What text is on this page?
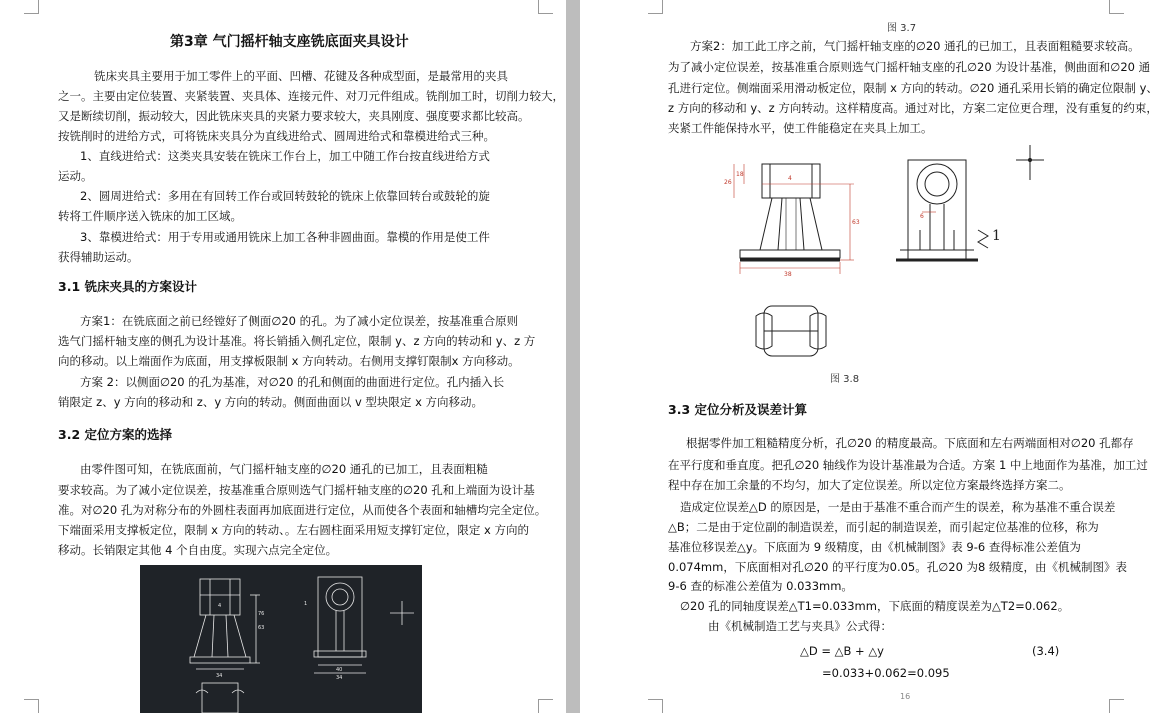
第3章 气门摇杆轴支座铣底面夹具设计
铣床夹具主要用于加工零件上的平面、凹槽、花键及各种成型面，是最常用的夹具
之一。主要由定位装置、夹紧装置、夹具体、连接元件、对刀元件组成。铣削加工时，切削力较大，
又是断续切削，振动较大，因此铣床夹具的夹紧力要求较大，夹具刚度、强度要求都比较高。
按铣削时的进给方式，可将铣床夹具分为直线进给式、圆周进给式和靠模进给式三种。
1、直线进给式：这类夹具安装在铣床工作台上，加工中随工作台按直线进给方式
运动。
2、圆周进给式：多用在有回转工作台或回转鼓轮的铣床上依靠回转台或鼓轮的旋
转将工件顺序送入铣床的加工区域。
3、靠模进给式：用于专用或通用铣床上加工各种非圆曲面。靠模的作用是使工件
获得辅助运动。
3.1 铣床夹具的方案设计
方案1：在铣底面之前已经镗好了侧面∅20 的孔。为了减小定位误差，按基准重合原则
选气门摇杆轴支座的侧孔为设计基准。将长销插入侧孔定位，限制 y、z 方向的转动和 y、z 方
向的移动。以上端面作为底面，用支撑板限制 x 方向转动。右侧用支撑钉限制x 方向移动。
方案 2：以侧面∅20 的孔为基准，对∅20 的孔和侧面的曲面进行定位。孔内插入长
销限定 z、y 方向的移动和 z、y 方向的转动。侧面曲面以 v 型块限定 x 方向移动。
3.2 定位方案的选择
由零件图可知，在铣底面前，气门摇杆轴支座的∅20 通孔的已加工，且表面粗糙
要求较高。为了减小定位误差，按基准重合原则选气门摇杆轴支座的∅20 孔和上端面为设计基
准。对∅20 孔为对称分布的外圆柱表面再加底面进行定位，从而使各个表面和轴槽均完全定位。
下端面采用支撑板定位，限制 x 方向的转动、。左右圆柱面采用短支撑钉定位，限定 x 方向的
移动。长销限定其他 4 个自由度。实现六点完全定位。
4
76
63
34
40
1
34
图 3.7
方案2：加工此工序之前，气门摇杆轴支座的∅20 通孔的已加工，且表面粗糙要求较高。
为了减小定位误差，按基准重合原则选气门摇杆轴支座的孔∅20 为设计基准，侧曲面和∅20 通
孔进行定位。侧端面采用滑动板定位，限制 x 方向的转动。∅20 通孔采用长销的确定位限制 y、
z 方向的移动和 y、z 方向转动。这样精度高。通过对比，方案二定位更合理，没有重复的约束，
夹紧工件能保持水平，使工件能稳定在夹具上加工。
26
18
4
63
38
6
1
图 3.8
3.3 定位分析及误差计算
根据零件加工粗糙精度分析，孔∅20 的精度最高。下底面和左右两端面相对∅20 孔都存
在平行度和垂直度。把孔∅20 轴线作为设计基准最为合适。方案 1 中上地面作为基准，加工过
程中存在加工余量的不均匀，加大了定位误差。所以定位方案最终选择方案二。
造成定位误差△D 的原因是，一是由于基准不重合而产生的误差，称为基准不重合误差
△B；二是由于定位副的制造误差，而引起的制造误差，而引起定位基准的位移，称为
基准位移误差△y。下底面为 9 级精度，由《机械制图》表 9-6 查得标准公差值为
0.074mm，下底面相对孔∅20 的平行度为0.05。孔∅20 为8 级精度，由《机械制图》表
9-6 查的标准公差值为 0.033mm。
∅20 孔的同轴度误差△T1=0.033mm，下底面的精度误差为△T2=0.062。
由《机械制造工艺与夹具》公式得：
△D = △B + △y	(3.4)
=0.033+0.062=0.095
16
